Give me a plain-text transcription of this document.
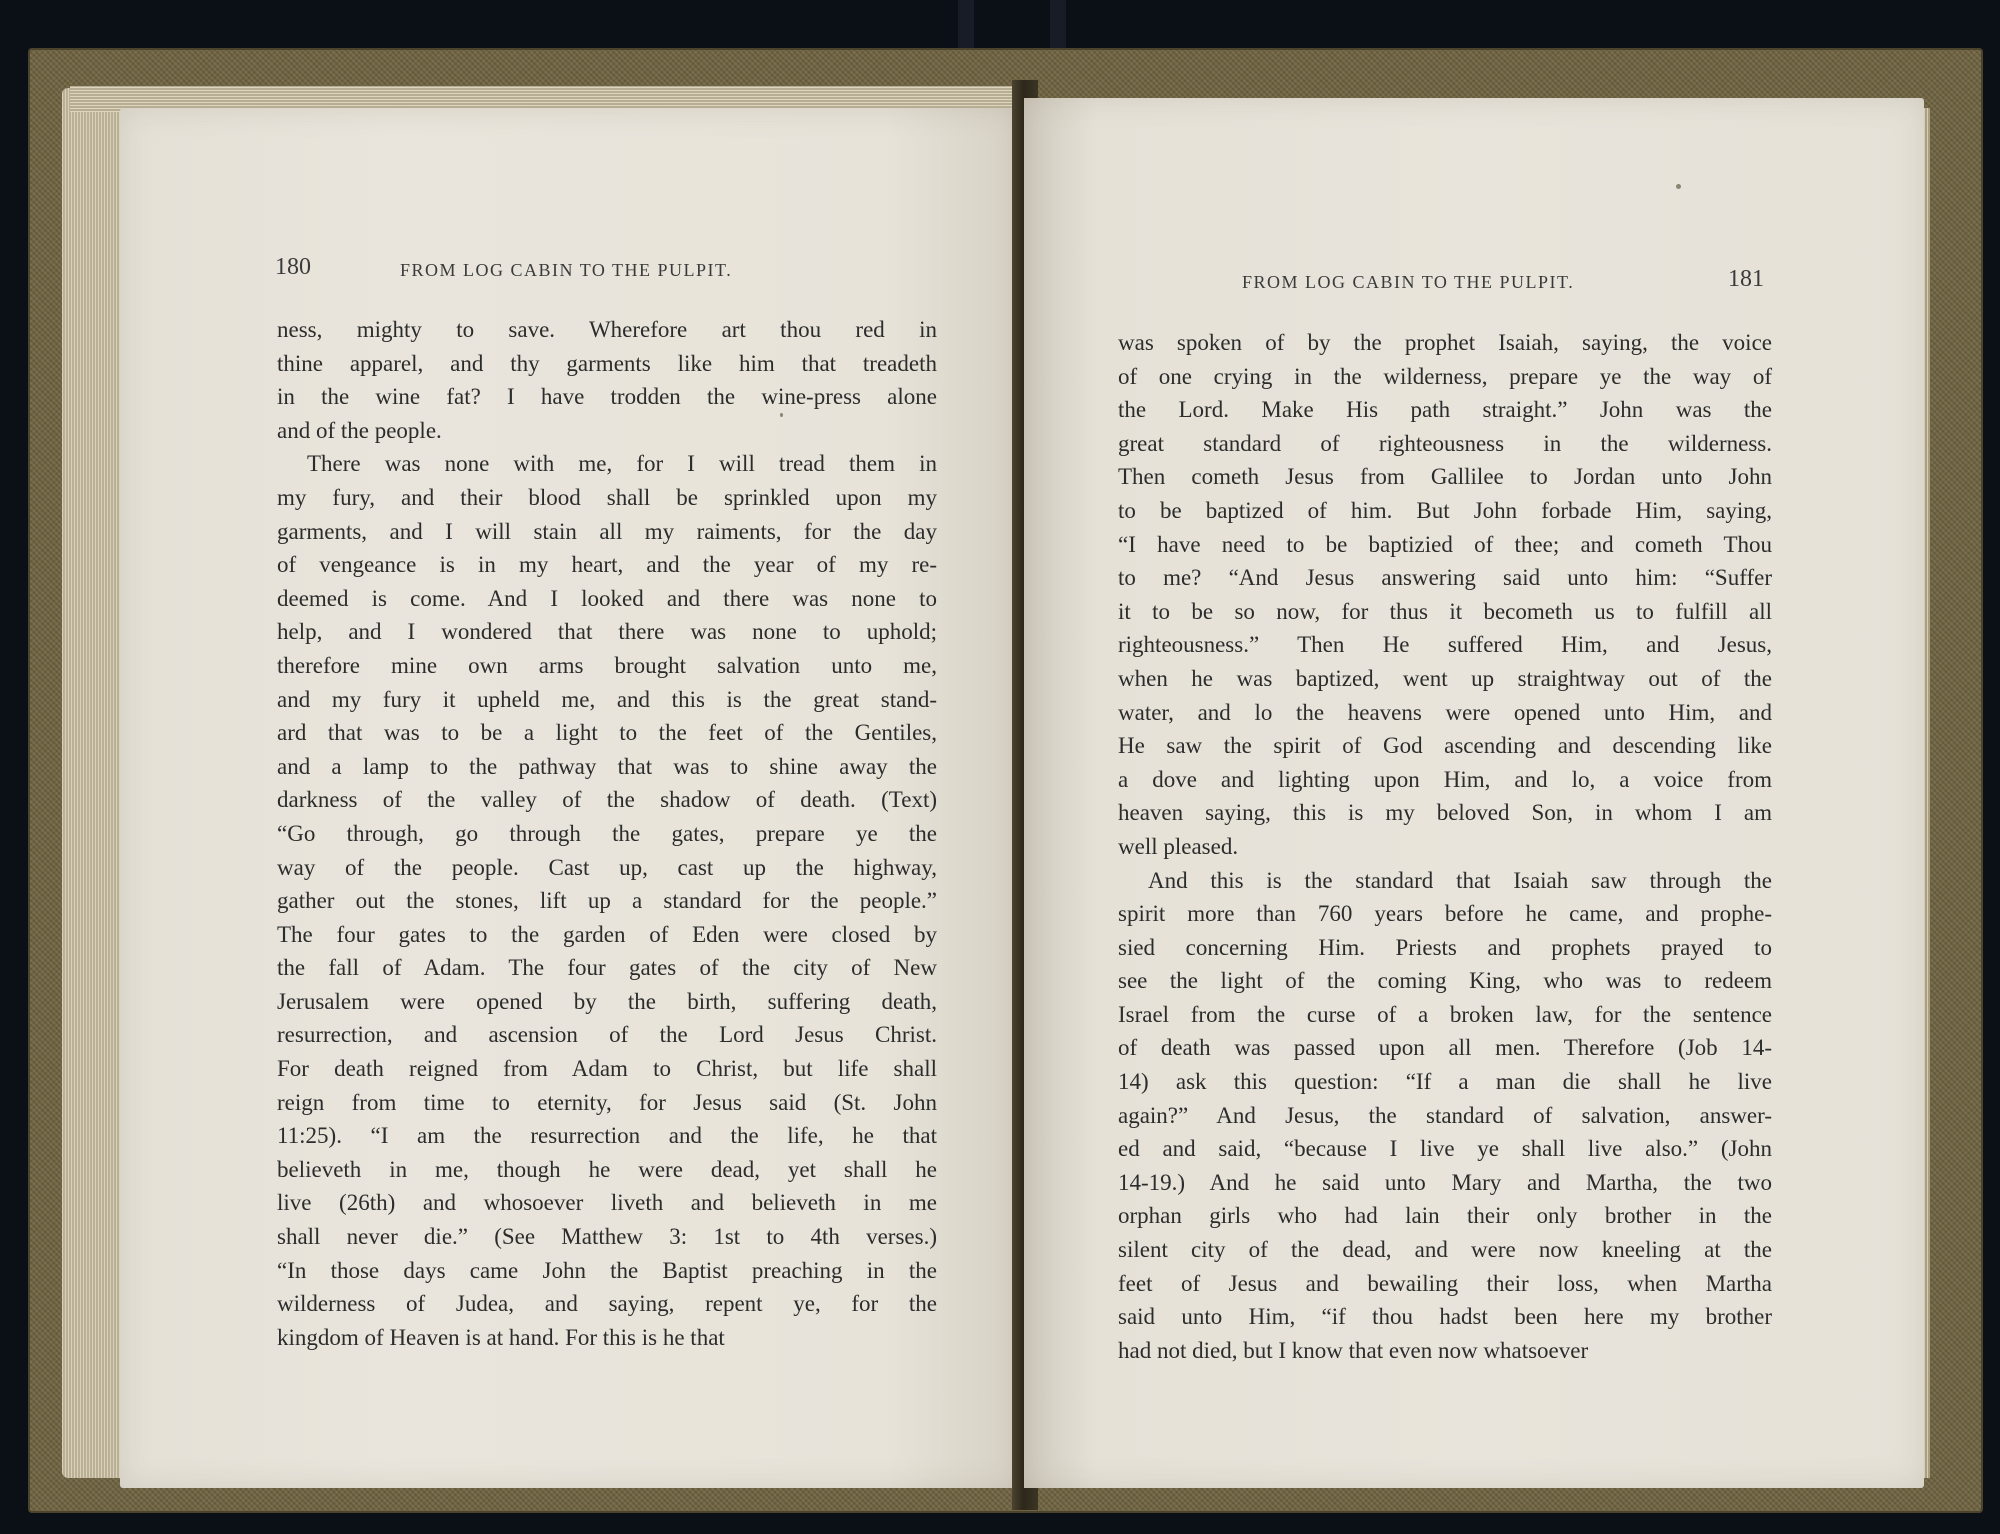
180	FROM LOG CABIN TO THE PULPIT.
ness, mighty to save. Wherefore art thou red in
thine apparel, and thy garments like him that treadeth
in the wine fat? I have trodden the wine-press alone
and of the people.
There was none with me, for I will tread them in
my fury, and their blood shall be sprinkled upon my
garments, and I will stain all my raiments, for the day
of vengeance is in my heart, and the year of my re-
deemed is come. And I looked and there was none to
help, and I wondered that there was none to uphold;
therefore mine own arms brought salvation unto me,
and my fury it upheld me, and this is the great stand-
ard that was to be a light to the feet of the Gentiles,
and a lamp to the pathway that was to shine away the
darkness of the valley of the shadow of death. (Text)
“Go through, go through the gates, prepare ye the
way of the people. Cast up, cast up the highway,
gather out the stones, lift up a standard for the people.”
The four gates to the garden of Eden were closed by
the fall of Adam. The four gates of the city of New
Jerusalem were opened by the birth, suffering death,
resurrection, and ascension of the Lord Jesus Christ.
For death reigned from Adam to Christ, but life shall
reign from time to eternity, for Jesus said (St. John
11:25). “I am the resurrection and the life, he that
believeth in me, though he were dead, yet shall he
live (26th) and whosoever liveth and believeth in me
shall never die.” (See Matthew 3: 1st to 4th verses.)
“In those days came John the Baptist preaching in the
wilderness of Judea, and saying, repent ye, for the
kingdom of Heaven is at hand. For this is he that
FROM LOG CABIN TO THE PULPIT.	181
was spoken of by the prophet Isaiah, saying, the voice
of one crying in the wilderness, prepare ye the way of
the Lord. Make His path straight.” John was the
great standard of righteousness in the wilderness.
Then cometh Jesus from Gallilee to Jordan unto John
to be baptized of him. But John forbade Him, saying,
“I have need to be baptizied of thee; and cometh Thou
to me? “And Jesus answering said unto him: “Suffer
it to be so now, for thus it becometh us to fulfill all
righteousness.” Then He suffered Him, and Jesus,
when he was baptized, went up straightway out of the
water, and lo the heavens were opened unto Him, and
He saw the spirit of God ascending and descending like
a dove and lighting upon Him, and lo, a voice from
heaven saying, this is my beloved Son, in whom I am
well pleased.
And this is the standard that Isaiah saw through the
spirit more than 760 years before he came, and prophe-
sied concerning Him. Priests and prophets prayed to
see the light of the coming King, who was to redeem
Israel from the curse of a broken law, for the sentence
of death was passed upon all men. Therefore (Job 14-
14) ask this question: “If a man die shall he live
again?” And Jesus, the standard of salvation, answer-
ed and said, “because I live ye shall live also.” (John
14-19.) And he said unto Mary and Martha, the two
orphan girls who had lain their only brother in the
silent city of the dead, and were now kneeling at the
feet of Jesus and bewailing their loss, when Martha
said unto Him, “if thou hadst been here my brother
had not died, but I know that even now whatsoever
